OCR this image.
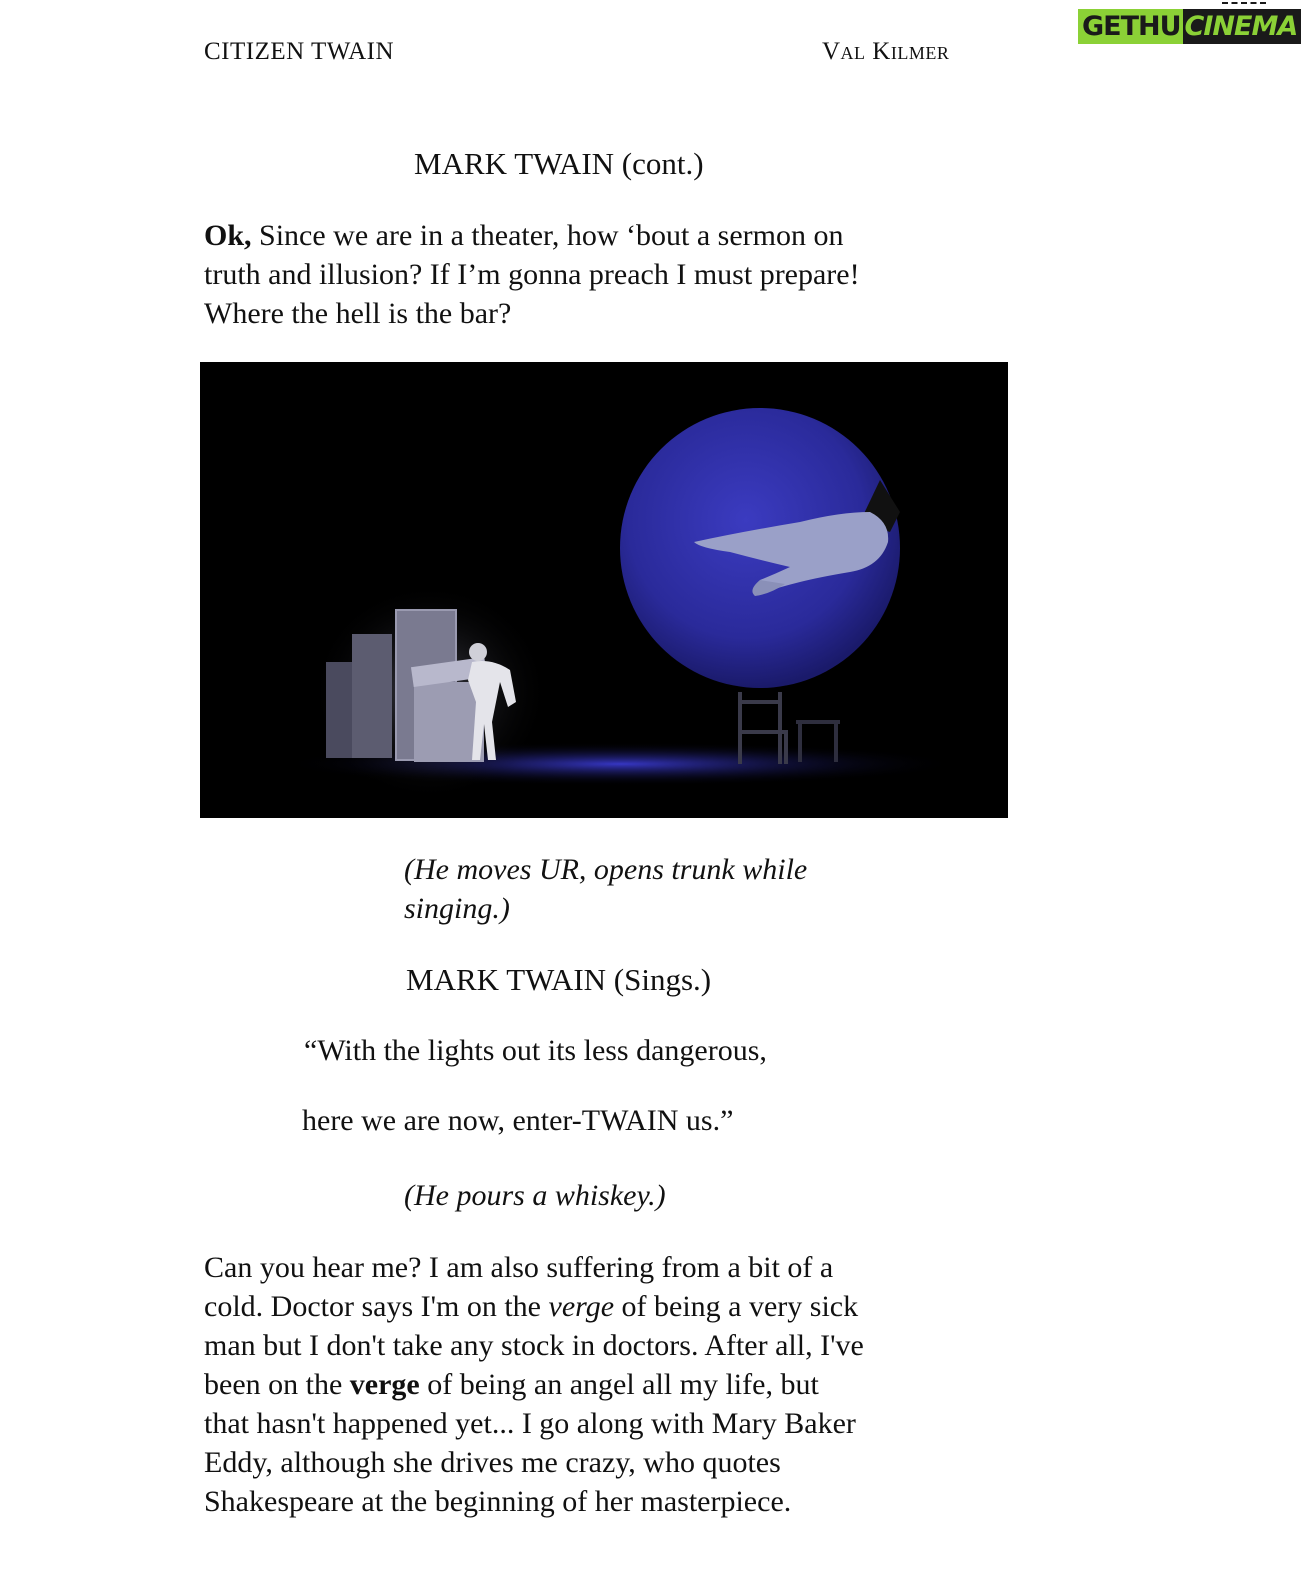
CITIZEN TWAIN	Val Kilmer
GETHU CINEMA
MARK TWAIN (cont.)
Ok, Since we are in a theater, how ‘bout a sermon on
truth and illusion? If I’m gonna preach I must prepare!
Where the hell is the bar?
(He moves UR, opens trunk while
singing.)
MARK TWAIN (Sings.)
“With the lights out its less dangerous,
here we are now, enter-TWAIN us.”
(He pours a whiskey.)
Can you hear me? I am also suffering from a bit of a
cold. Doctor says I'm on the verge of being a very sick
man but I don't take any stock in doctors. After all, I've
been on the verge of being an angel all my life, but
that hasn't happened yet... I go along with Mary Baker
Eddy, although she drives me crazy, who quotes
Shakespeare at the beginning of her masterpiece.
